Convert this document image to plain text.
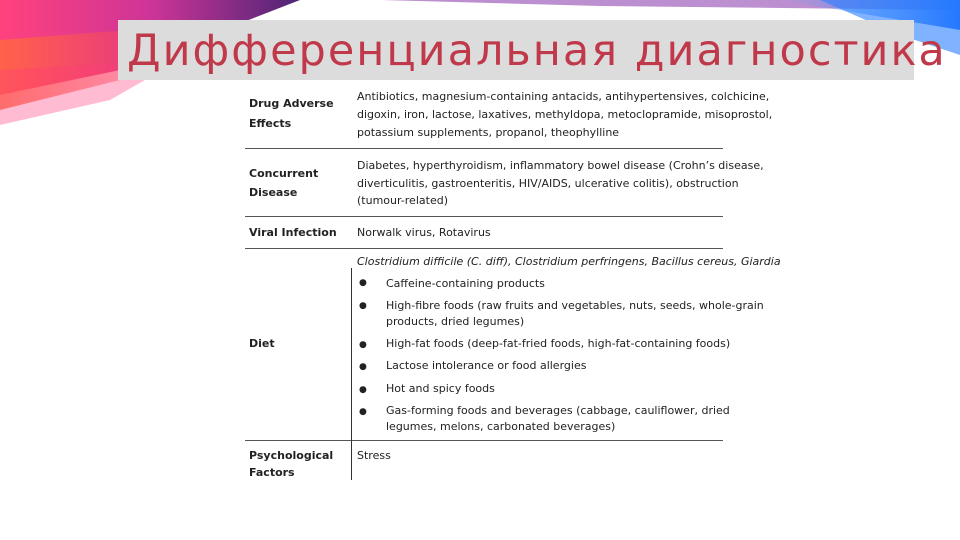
Дифференциальная диагностика
Drug Adverse
Effects
Antibiotics, magnesium-containing antacids, antihypertensives, colchicine,
digoxin, iron, lactose, laxatives, methyldopa, metoclopramide, misoprostol,
potassium supplements, propanol, theophylline
Concurrent
Disease
Diabetes, hyperthyroidism, inflammatory bowel disease (Crohn’s disease,
diverticulitis, gastroenteritis, HIV/AIDS, ulcerative colitis), obstruction
(tumour-related)
Viral Infection Norwalk virus, Rotavirus
Clostridium difficile (C. diff), Clostridium perfringens, Bacillus cereus, Giardia
Diet
● Caffeine-containing products
● High-fibre foods (raw fruits and vegetables, nuts, seeds, whole-grain
products, dried legumes)
● High-fat foods (deep-fat-fried foods, high-fat-containing foods)
● Lactose intolerance or food allergies
● Hot and spicy foods
● Gas-forming foods and beverages (cabbage, cauliflower, dried
legumes, melons, carbonated beverages)
Psychological
Factors
Stress
